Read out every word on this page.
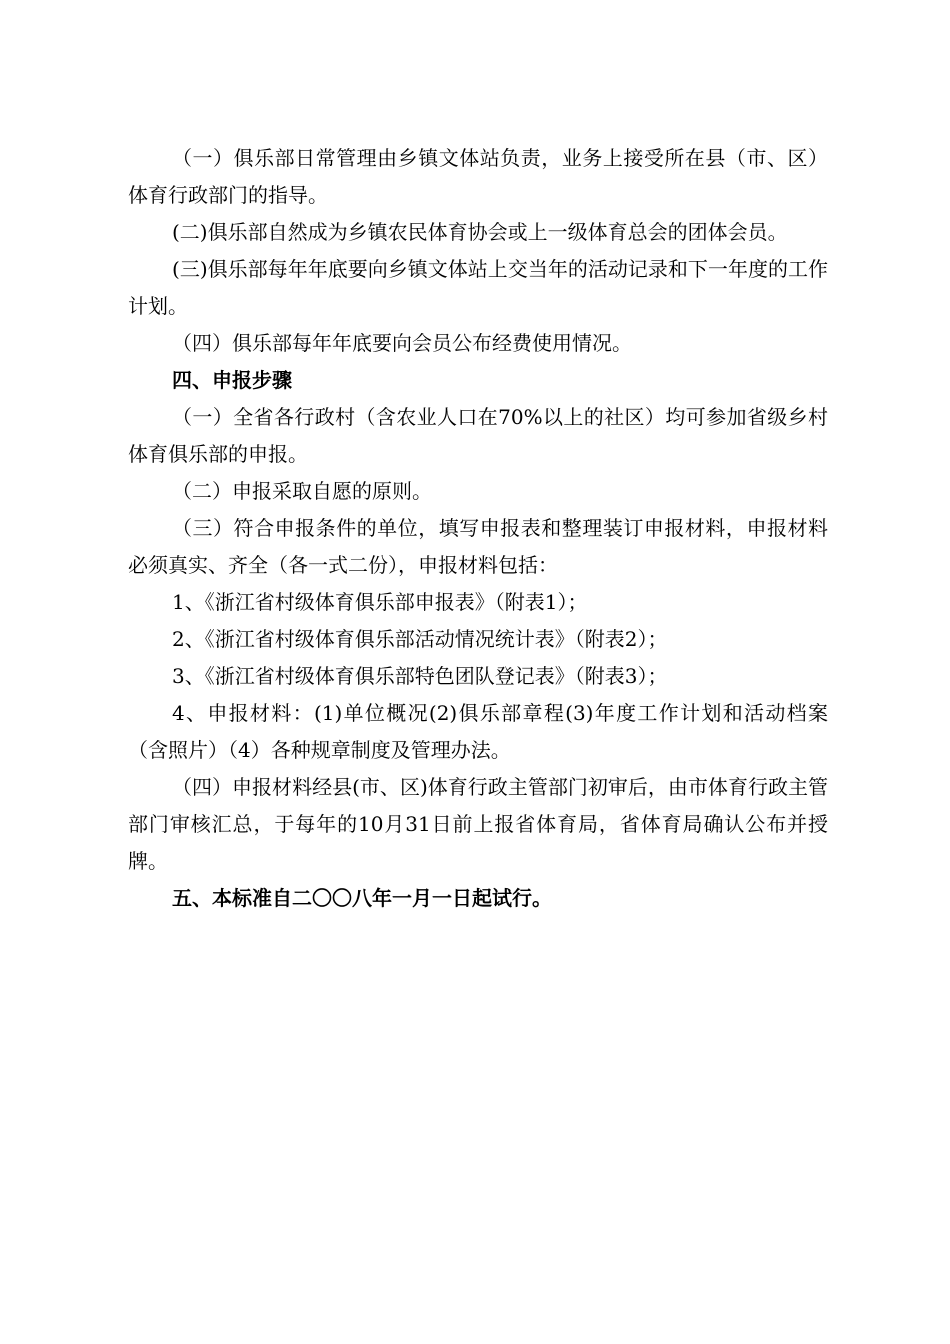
（一）俱乐部日常管理由乡镇文体站负责，业务上接受所在县（市、区）体育行政部门的指导。

(二)俱乐部自然成为乡镇农民体育协会或上一级体育总会的团体会员。

(三)俱乐部每年年底要向乡镇文体站上交当年的活动记录和下一年度的工作计划。

（四）俱乐部每年年底要向会员公布经费使用情况。

四、申报步骤

（一）全省各行政村（含农业人口在70%以上的社区）均可参加省级乡村体育俱乐部的申报。

（二）申报采取自愿的原则。

（三）符合申报条件的单位，填写申报表和整理装订申报材料，申报材料必须真实、齐全（各一式二份），申报材料包括：

1、《浙江省村级体育俱乐部申报表》（附表1）；

2、《浙江省村级体育俱乐部活动情况统计表》（附表2）；

3、《浙江省村级体育俱乐部特色团队登记表》（附表3）；

4、申报材料：(1)单位概况(2)俱乐部章程(3)年度工作计划和活动档案（含照片）（4）各种规章制度及管理办法。

（四）申报材料经县(市、区)体育行政主管部门初审后，由市体育行政主管部门审核汇总，于每年的10月31日前上报省体育局，省体育局确认公布并授牌。

五、本标准自二〇〇八年一月一日起试行。
